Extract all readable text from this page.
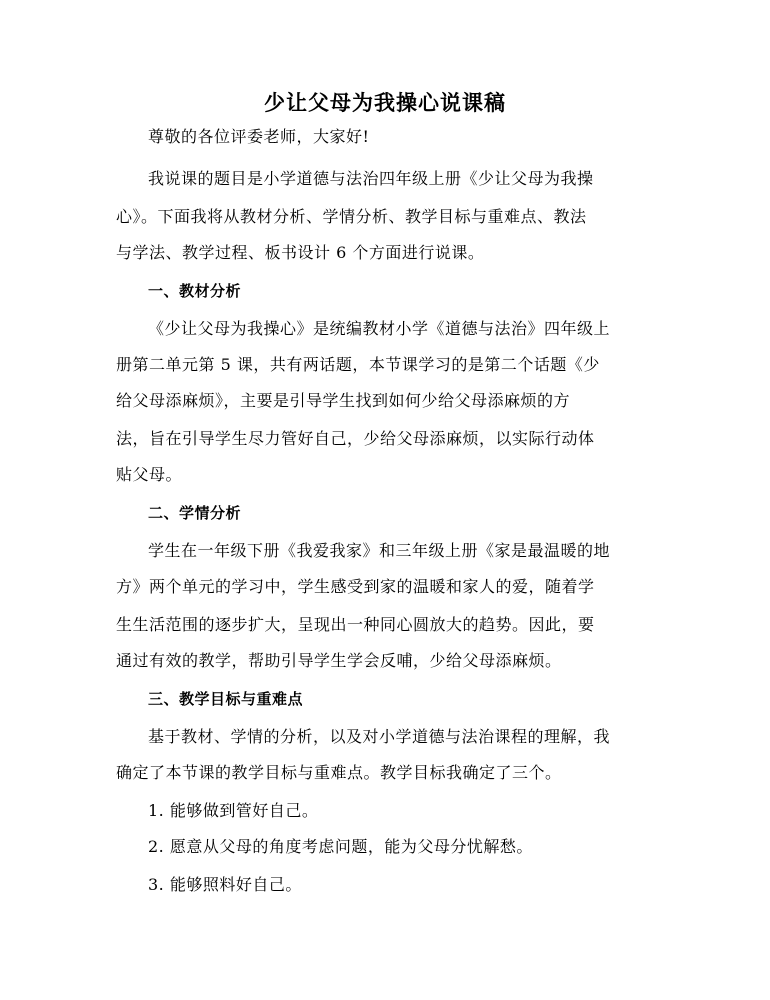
少让父母为我操心说课稿
尊敬的各位评委老师，大家好!
我说课的题目是小学道德与法治四年级上册《少让父母为我操
心》。下面我将从教材分析、学情分析、教学目标与重难点、教法
与学法、教学过程、板书设计 6 个方面进行说课。
一、教材分析
《少让父母为我操心》是统编教材小学《道德与法治》四年级上
册第二单元第 5 课，共有两话题，本节课学习的是第二个话题《少
给父母添麻烦》，主要是引导学生找到如何少给父母添麻烦的方
法，旨在引导学生尽力管好自己，少给父母添麻烦，以实际行动体
贴父母。
二、学情分析
学生在一年级下册《我爱我家》和三年级上册《家是最温暖的地
方》两个单元的学习中，学生感受到家的温暖和家人的爱，随着学
生生活范围的逐步扩大，呈现出一种同心圆放大的趋势。因此，要
通过有效的教学，帮助引导学生学会反哺，少给父母添麻烦。
三、教学目标与重难点
基于教材、学情的分析，以及对小学道德与法治课程的理解，我
确定了本节课的教学目标与重难点。教学目标我确定了三个。
1. 能够做到管好自己。
2. 愿意从父母的角度考虑问题，能为父母分忧解愁。
3. 能够照料好自己。
